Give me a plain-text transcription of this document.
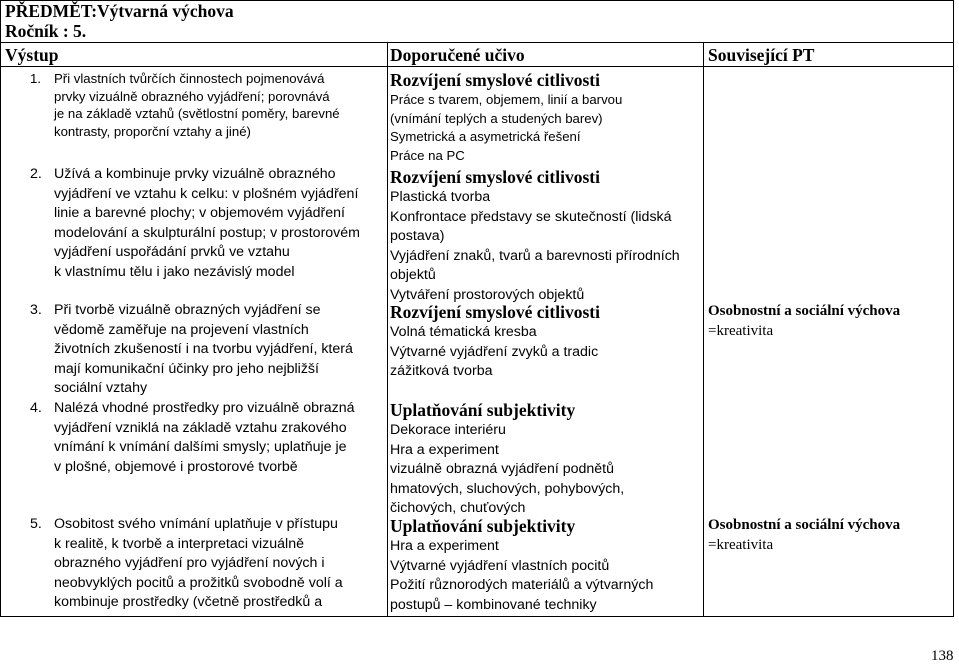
PŘEDMĚT:Výtvarná výchova
Ročník : 5.
Výstup	Doporučené učivo	Související PT
1. Při vlastních tvůrčích činnostech pojmenovává
prvky vizuálně obrazného vyjádření; porovnává
je na základě vztahů (světlostní poměry, barevné
kontrasty, proporční vztahy a jiné)
Rozvíjení smyslové citlivosti
Práce s tvarem, objemem, linií a barvou
(vnímání teplých a studených barev)
Symetrická a asymetrická řešení
Práce na PC
2. Užívá a kombinuje prvky vizuálně obrazného
vyjádření ve vztahu k celku: v plošném vyjádření
linie a barevné plochy; v objemovém vyjádření
modelování a skulpturální postup; v prostorovém
vyjádření uspořádání prvků ve vztahu
k vlastnímu tělu i jako nezávislý model
Rozvíjení smyslové citlivosti
Plastická tvorba
Konfrontace představy se skutečností (lidská
postava)
Vyjádření znaků, tvarů a barevnosti přírodních
objektů
Vytváření prostorových objektů
3. Při tvorbě vizuálně obrazných vyjádření se
vědomě zaměřuje na projevení vlastních
životních zkušeností i na tvorbu vyjádření, která
mají komunikační účinky pro jeho nejbližší
sociální vztahy
Rozvíjení smyslové citlivosti
Volná tématická kresba
Výtvarné vyjádření zvyků a tradic
zážitková tvorba
Osobnostní a sociální výchova
=kreativita
4. Nalézá vhodné prostředky pro vizuálně obrazná
vyjádření vzniklá na základě vztahu zrakového
vnímání k vnímání dalšími smysly; uplatňuje je
v plošné, objemové i prostorové tvorbě
Uplatňování subjektivity
Dekorace interiéru
Hra a experiment
vizuálně obrazná vyjádření podnětů
hmatových, sluchových, pohybových,
čichových, chuťových
5. Osobitost svého vnímání uplatňuje v přístupu
k realitě, k tvorbě a interpretaci vizuálně
obrazného vyjádření pro vyjádření nových i
neobvyklých pocitů a prožitků svobodně volí a
kombinuje prostředky (včetně prostředků a
Uplatňování subjektivity
Hra a experiment
Výtvarné vyjádření vlastních pocitů
Požití různorodých materiálů a výtvarných
postupů – kombinované techniky
Osobnostní a sociální výchova
=kreativita
138
